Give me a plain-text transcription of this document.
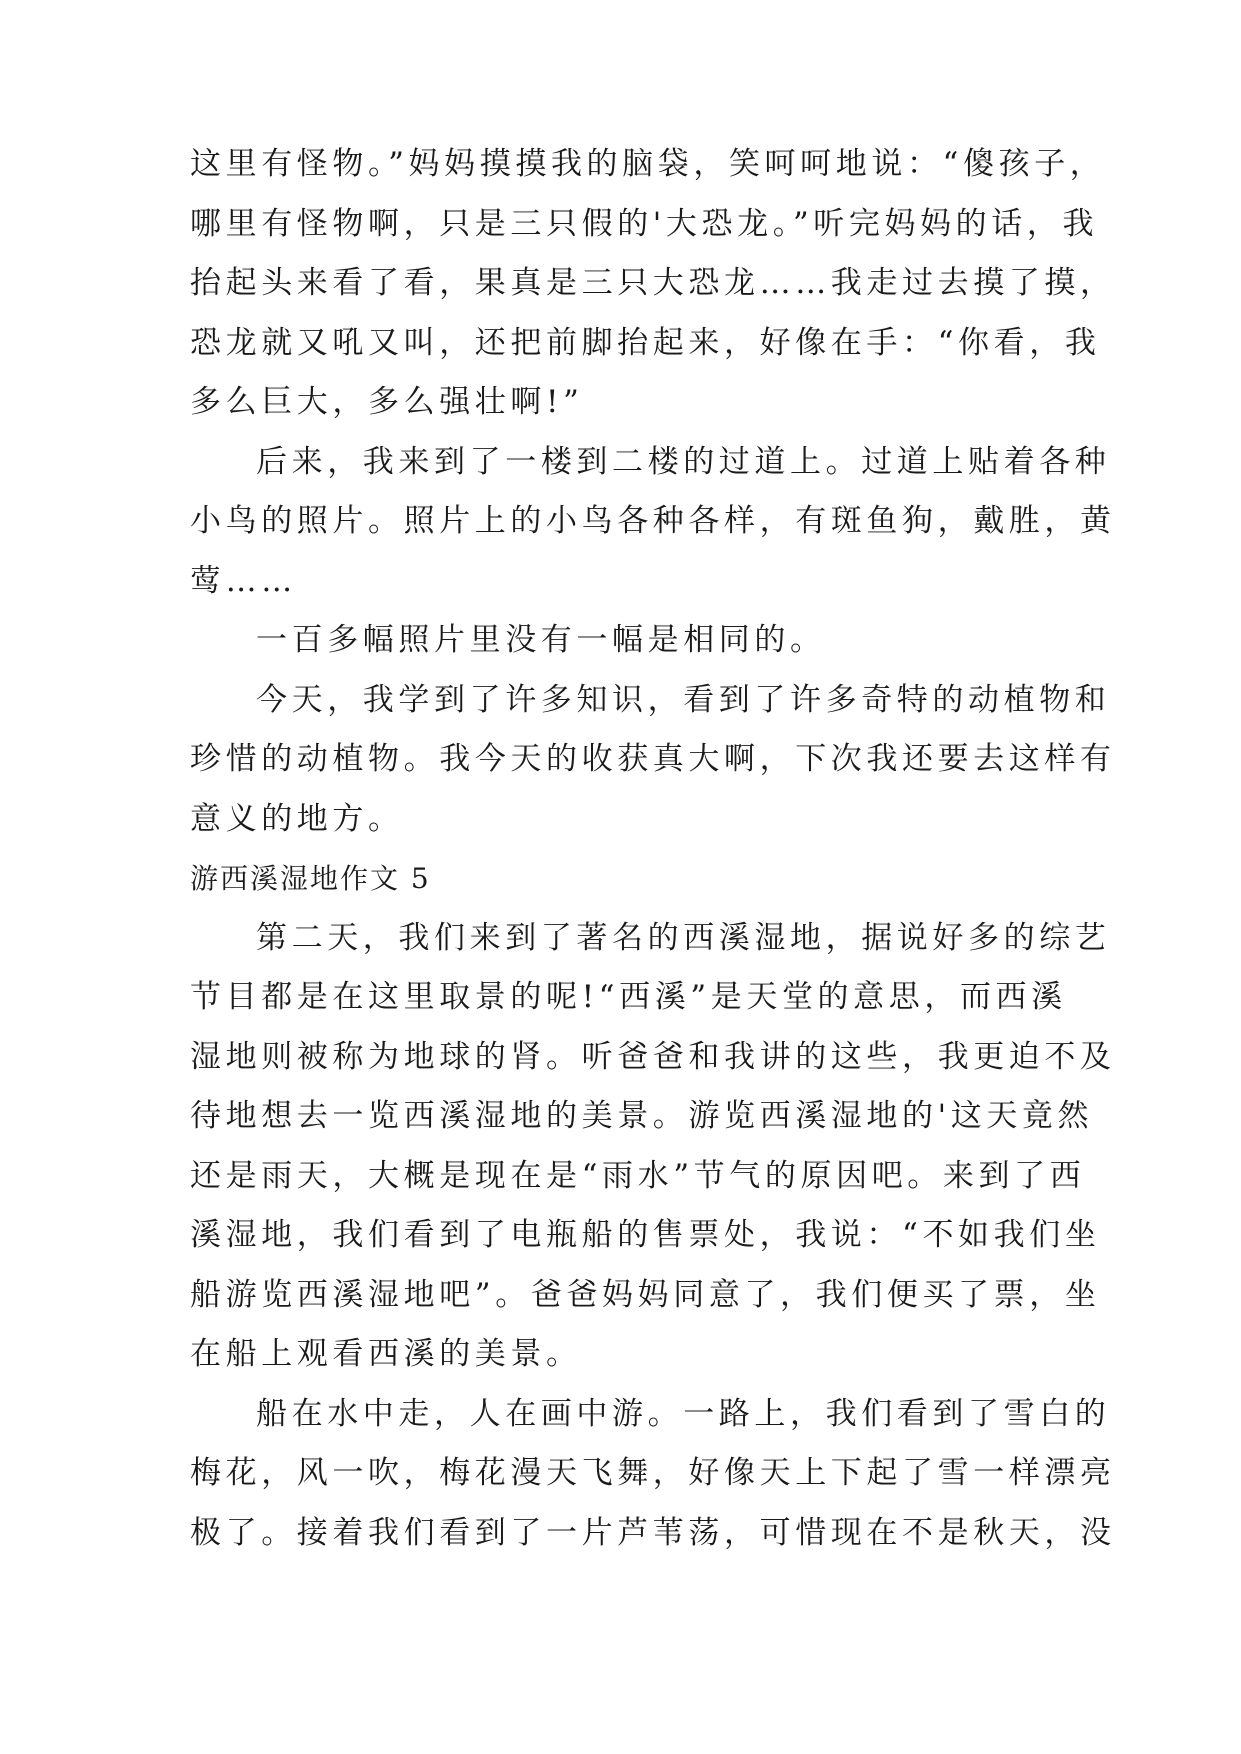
这里有怪物。”妈妈摸摸我的脑袋，笑呵呵地说：“傻孩子，
哪里有怪物啊，只是三只假的'大恐龙。”听完妈妈的话，我
抬起头来看了看，果真是三只大恐龙……我走过去摸了摸，
恐龙就又吼又叫，还把前脚抬起来，好像在手：“你看，我
多么巨大，多么强壮啊!”
后来，我来到了一楼到二楼的过道上。过道上贴着各种
小鸟的照片。照片上的小鸟各种各样，有斑鱼狗，戴胜，黄
莺……
一百多幅照片里没有一幅是相同的。
今天，我学到了许多知识，看到了许多奇特的动植物和
珍惜的动植物。我今天的收获真大啊，下次我还要去这样有
意义的地方。
游西溪湿地作文 5
第二天，我们来到了著名的西溪湿地，据说好多的综艺
节目都是在这里取景的呢!“西溪”是天堂的意思，而西溪
湿地则被称为地球的肾。听爸爸和我讲的这些，我更迫不及
待地想去一览西溪湿地的美景。游览西溪湿地的'这天竟然
还是雨天，大概是现在是“雨水”节气的原因吧。来到了西
溪湿地，我们看到了电瓶船的售票处，我说：“不如我们坐
船游览西溪湿地吧”。爸爸妈妈同意了，我们便买了票，坐
在船上观看西溪的美景。
船在水中走，人在画中游。一路上，我们看到了雪白的
梅花，风一吹，梅花漫天飞舞，好像天上下起了雪一样漂亮
极了。接着我们看到了一片芦苇荡，可惜现在不是秋天，没
